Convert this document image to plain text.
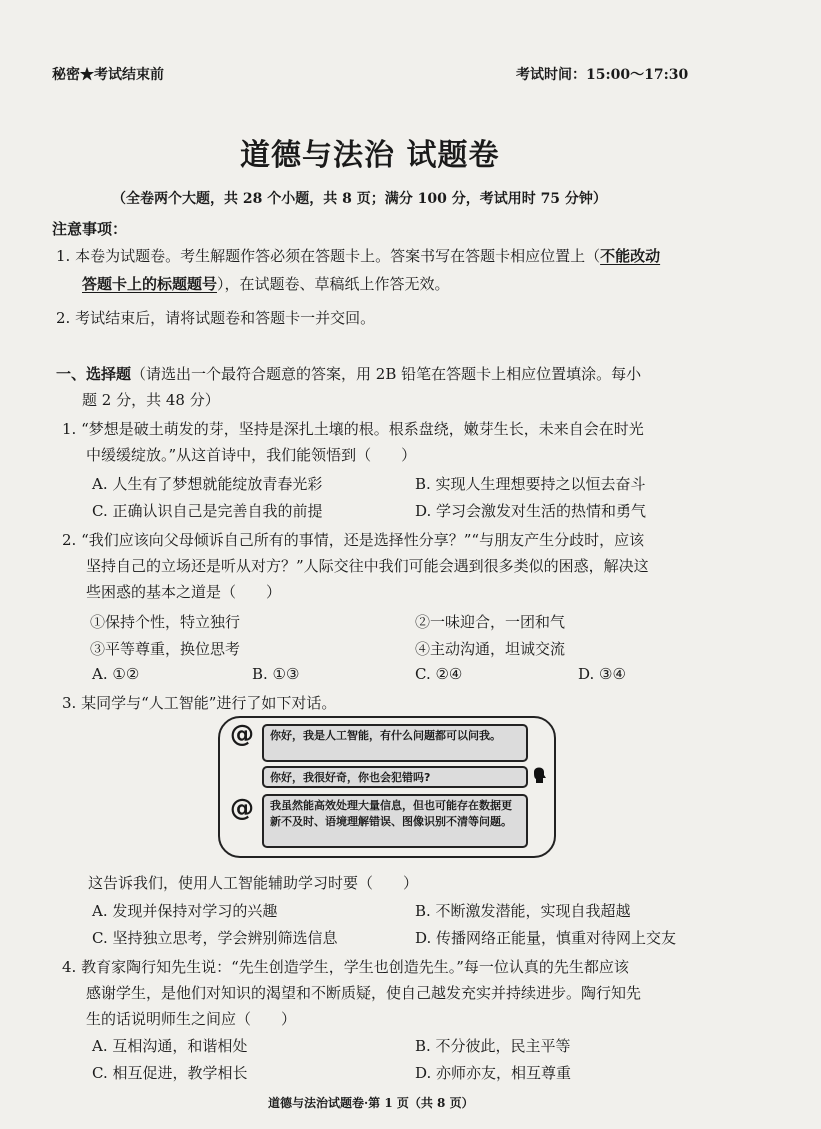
秘密★考试结束前	考试时间：15:00～17:30
道德与法治 试题卷
（全卷两个大题，共 28 个小题，共 8 页；满分 100 分，考试用时 75 分钟）
注意事项：
1. 本卷为试题卷。考生解题作答必须在答题卡上。答案书写在答题卡相应位置上（不能改动
答题卡上的标题题号），在试题卷、草稿纸上作答无效。
2. 考试结束后，请将试题卷和答题卡一并交回。
一、选择题（请选出一个最符合题意的答案，用 2B 铅笔在答题卡上相应位置填涂。每小
题 2 分，共 48 分）
1. “梦想是破土萌发的芽，坚持是深扎土壤的根。根系盘绕，嫩芽生长，未来自会在时光
中缓缓绽放。”从这首诗中，我们能领悟到（　　）
A. 人生有了梦想就能绽放青春光彩	B. 实现人生理想要持之以恒去奋斗
C. 正确认识自己是完善自我的前提	D. 学习会激发对生活的热情和勇气
2. “我们应该向父母倾诉自己所有的事情，还是选择性分享？”“与朋友产生分歧时，应该
坚持自己的立场还是听从对方？”人际交往中我们可能会遇到很多类似的困惑，解决这
些困惑的基本之道是（　　）
①保持个性，特立独行	②一味迎合，一团和气
③平等尊重，换位思考	④主动沟通，坦诚交流
A. ①②	B. ①③	C. ②④	D. ③④
3. 某同学与“人工智能”进行了如下对话。
@	你好，我是人工智能，有什么问题都可以问我。
你好，我很好奇，你也会犯错吗?
@	我虽然能高效处理大量信息，但也可能存在数据更新不及时、语境理解错误、图像识别不清等问题。
这告诉我们，使用人工智能辅助学习时要（　　）
A. 发现并保持对学习的兴趣	B. 不断激发潜能，实现自我超越
C. 坚持独立思考，学会辨别筛选信息	D. 传播网络正能量，慎重对待网上交友
4. 教育家陶行知先生说：“先生创造学生，学生也创造先生。”每一位认真的先生都应该
感谢学生，是他们对知识的渴望和不断质疑，使自己越发充实并持续进步。陶行知先
生的话说明师生之间应（　　）
A. 互相沟通，和谐相处	B. 不分彼此，民主平等
C. 相互促进，教学相长	D. 亦师亦友，相互尊重
道德与法治试题卷·第 1 页（共 8 页）
